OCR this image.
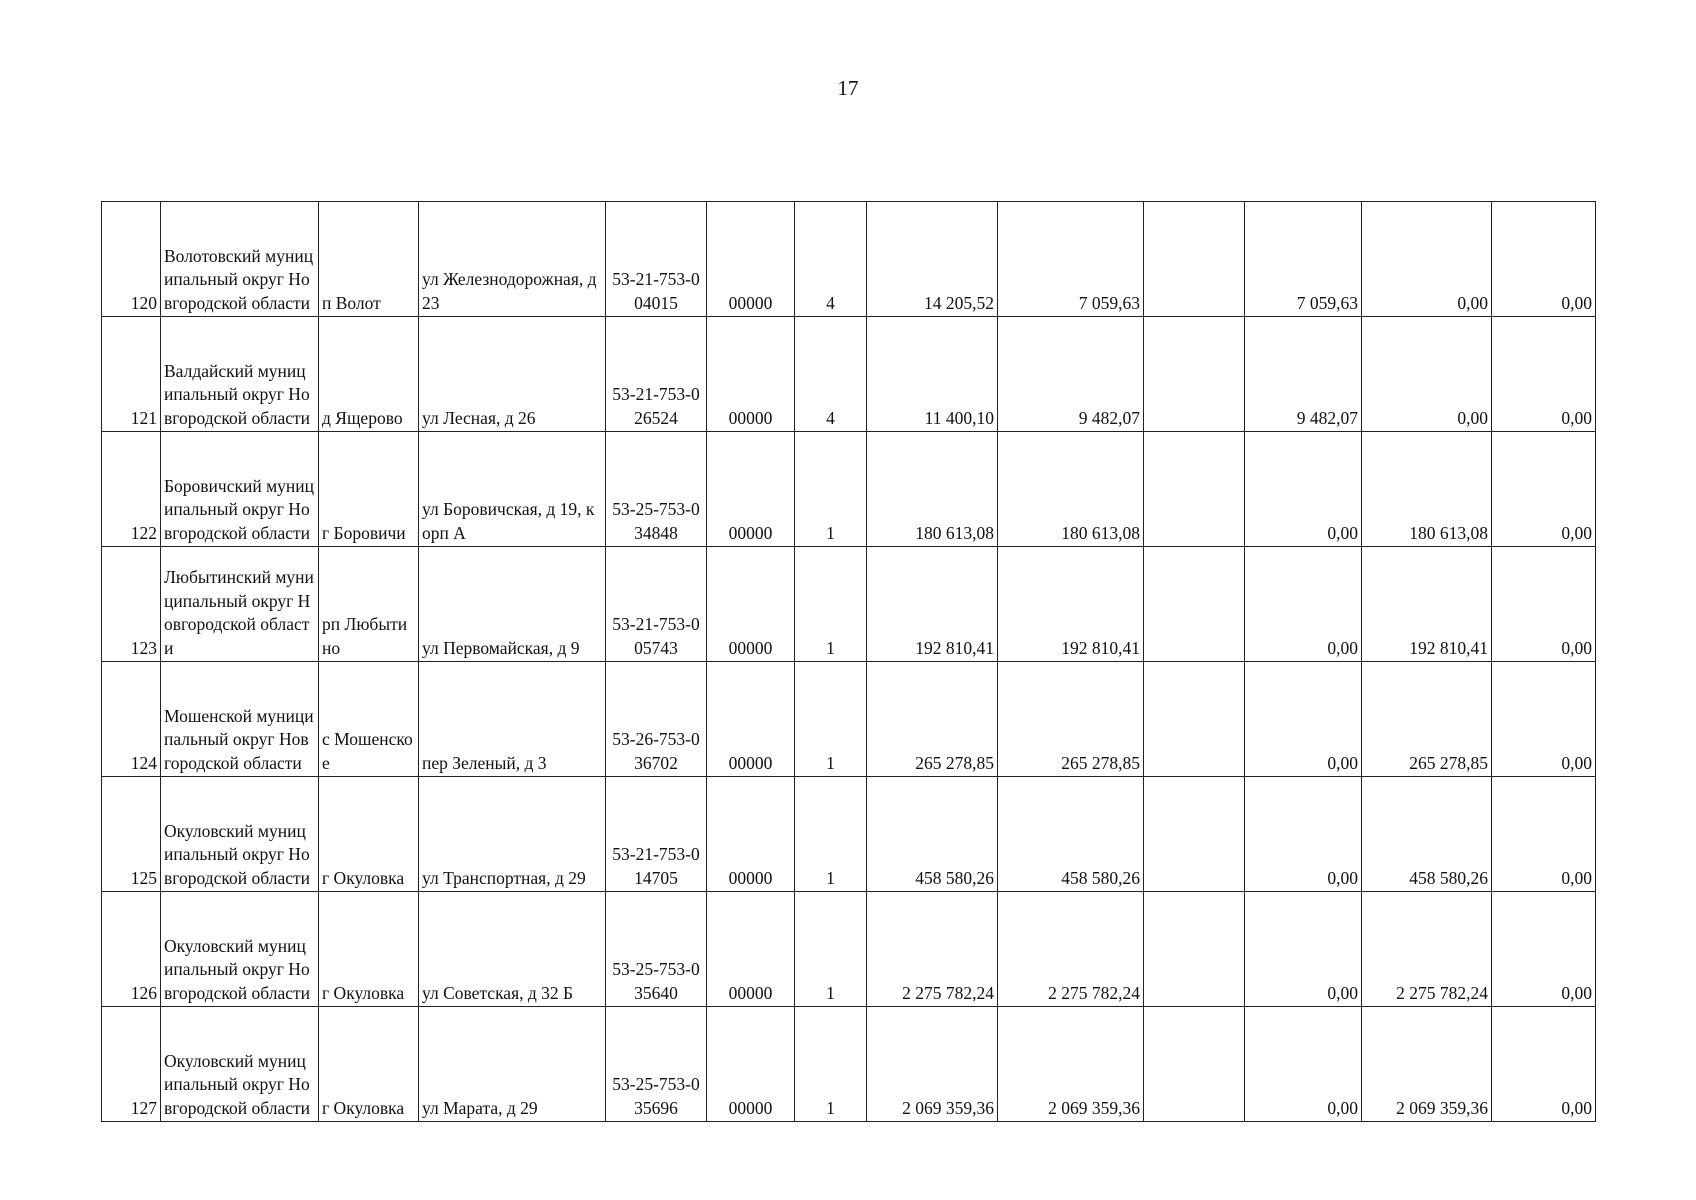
17
120	Волотовский муниципальный округ Новгородской области	п Волот	ул Железнодорожная, д 23	53-21-753-004015	00000	4	14 205,52	7 059,63		7 059,63	0,00	0,00
121	Валдайский муниципальный округ Новгородской области	д Ящерово	ул Лесная, д 26	53-21-753-026524	00000	4	11 400,10	9 482,07		9 482,07	0,00	0,00
122	Боровичский муниципальный округ Новгородской области	г Боровичи	ул Боровичская, д 19, корп А	53-25-753-034848	00000	1	180 613,08	180 613,08		0,00	180 613,08	0,00
123	Любытинский муниципальный округ Новгородской области	рп Любытино	ул Первомайская, д 9	53-21-753-005743	00000	1	192 810,41	192 810,41		0,00	192 810,41	0,00
124	Мошенской муниципальный округ Новгородской области	с Мошенское	пер Зеленый, д 3	53-26-753-036702	00000	1	265 278,85	265 278,85		0,00	265 278,85	0,00
125	Окуловский муниципальный округ Новгородской области	г Окуловка	ул Транспортная, д 29	53-21-753-014705	00000	1	458 580,26	458 580,26		0,00	458 580,26	0,00
126	Окуловский муниципальный округ Новгородской области	г Окуловка	ул Советская, д 32 Б	53-25-753-035640	00000	1	2 275 782,24	2 275 782,24		0,00	2 275 782,24	0,00
127	Окуловский муниципальный округ Новгородской области	г Окуловка	ул Марата, д 29	53-25-753-035696	00000	1	2 069 359,36	2 069 359,36		0,00	2 069 359,36	0,00
